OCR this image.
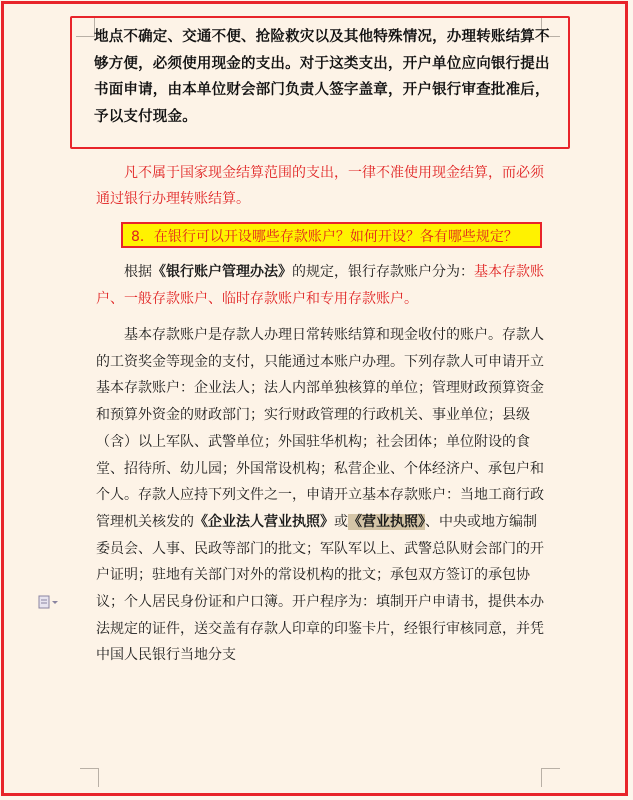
地点不确定、交通不便、抢险救灾以及其他特殊情况，办理转账结算不够方便，必须使用现金的支出。对于这类支出，开户单位应向银行提出书面申请，由本单位财会部门负责人签字盖章，开户银行审查批准后，予以支付现金。
凡不属于国家现金结算范围的支出，一律不准使用现金结算，而必须通过银行办理转账结算。
8．在银行可以开设哪些存款账户？如何开设？各有哪些规定？
根据《银行账户管理办法》的规定，银行存款账户分为：基本存款账户、一般存款账户、临时存款账户和专用存款账户。
基本存款账户是存款人办理日常转账结算和现金收付的账户。存款人的工资奖金等现金的支付，只能通过本账户办理。下列存款人可申请开立基本存款账户：企业法人；法人内部单独核算的单位；管理财政预算资金和预算外资金的财政部门；实行财政管理的行政机关、事业单位；县级（含）以上军队、武警单位；外国驻华机构；社会团体；单位附设的食堂、招待所、幼儿园；外国常设机构；私营企业、个体经济户、承包户和个人。存款人应持下列文件之一，申请开立基本存款账户：当地工商行政管理机关核发的《企业法人营业执照》或《营业执照》、中央或地方编制委员会、人事、民政等部门的批文；军队军以上、武警总队财会部门的开户证明；驻地有关部门对外的常设机构的批文；承包双方签订的承包协议；个人居民身份证和户口簿。开户程序为：填制开户申请书，提供本办法规定的证件，送交盖有存款人印章的印鉴卡片，经银行审核同意，并凭中国人民银行当地分支
